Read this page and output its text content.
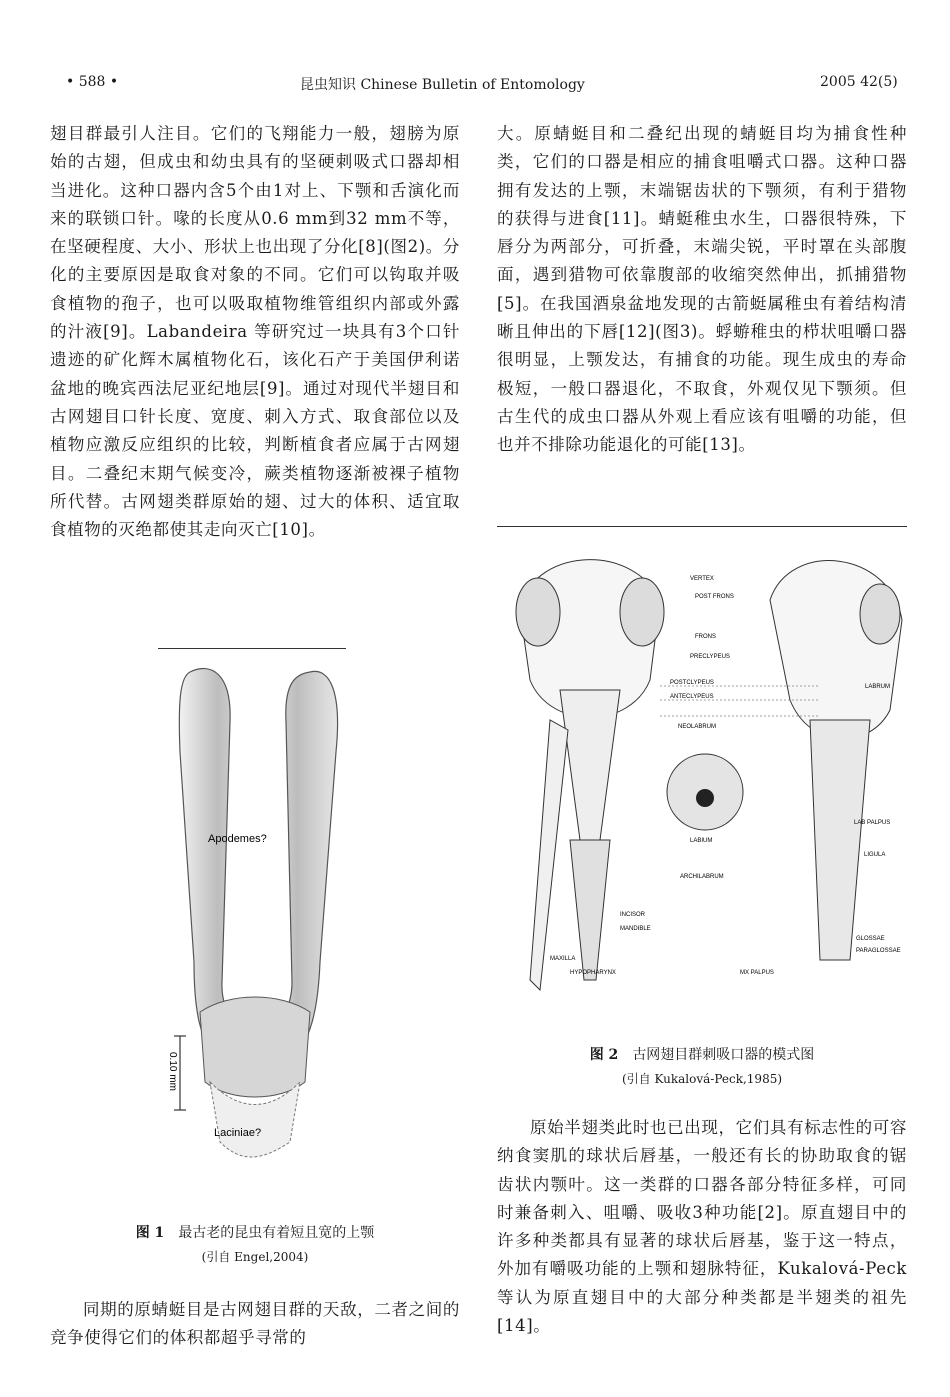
• 588 •	昆虫知识 Chinese Bulletin of Entomology	2005 42(5)

翅目群最引人注目。它们的飞翔能力一般，翅膀为原始的古翅，但成虫和幼虫具有的坚硬刺吸式口器却相当进化。这种口器内含5个由1对上、下颚和舌演化而来的联锁口针。喙的长度从0.6 mm到32 mm不等，在坚硬程度、大小、形状上也出现了分化[8](图2)。分化的主要原因是取食对象的不同。它们可以钩取并吸食植物的孢子，也可以吸取植物维管组织内部或外露的汁液[9]。Labandeira 等研究过一块具有3个口针遗迹的矿化辉木属植物化石，该化石产于美国伊利诺盆地的晚宾西法尼亚纪地层[9]。通过对现代半翅目和古网翅目口针长度、宽度、刺入方式、取食部位以及植物应激反应组织的比较，判断植食者应属于古网翅目。二叠纪末期气候变冷，蕨类植物逐渐被裸子植物所代替。古网翅类群原始的翅、过大的体积、适宜取食植物的灭绝都使其走向灭亡[10]。

大。原蜻蜓目和二叠纪出现的蜻蜓目均为捕食性种类，它们的口器是相应的捕食咀嚼式口器。这种口器拥有发达的上颚，末端锯齿状的下颚须，有利于猎物的获得与进食[11]。蜻蜓稚虫水生，口器很特殊，下唇分为两部分，可折叠，末端尖锐，平时罩在头部腹面，遇到猎物可依靠腹部的收缩突然伸出，抓捕猎物[5]。在我国酒泉盆地发现的古箭蜓属稚虫有着结构清晰且伸出的下唇[12](图3)。蜉蝣稚虫的栉状咀嚼口器很明显，上颚发达，有捕食的功能。现生成虫的寿命极短，一般口器退化，不取食，外观仅见下颚须。但古生代的成虫口器从外观上看应该有咀嚼的功能，但也并不排除功能退化的可能[13]。

0.10 mm
Apodemes?
Laciniae?
图 1 最古老的昆虫有着短且宽的上颚
(引自 Engel,2004)
VERTEX
POST FRONS
FRONS
PRECLYPEUS
POSTCLYPEUS
ANTECLYPEUS
NEOLABRUM
LABRUM
LABIUM
LAB PALPUS
LIGULA
ARCHILABRUM
INCISOR
MANDIBLE
GLOSSAE
PARAGLOSSAE
MAXILLA
HYPOPHARYNX	MX PALPUS
图 2 古网翅目群刺吸口器的模式图
(引自 Kukalová-Peck,1985)

同期的原蜻蜓目是古网翅目群的天敌，二者之间的竞争使得它们的体积都超乎寻常的

原始半翅类此时也已出现，它们具有标志性的可容纳食窦肌的球状后唇基，一般还有长的协助取食的锯齿状内颚叶。这一类群的口器各部分特征多样，可同时兼备刺入、咀嚼、吸收3种功能[2]。原直翅目中的许多种类都具有显著的球状后唇基，鉴于这一特点，外加有嚼吸功能的上颚和翅脉特征，Kukalová-Peck 等认为原直翅目中的大部分种类都是半翅类的祖先[14]。
